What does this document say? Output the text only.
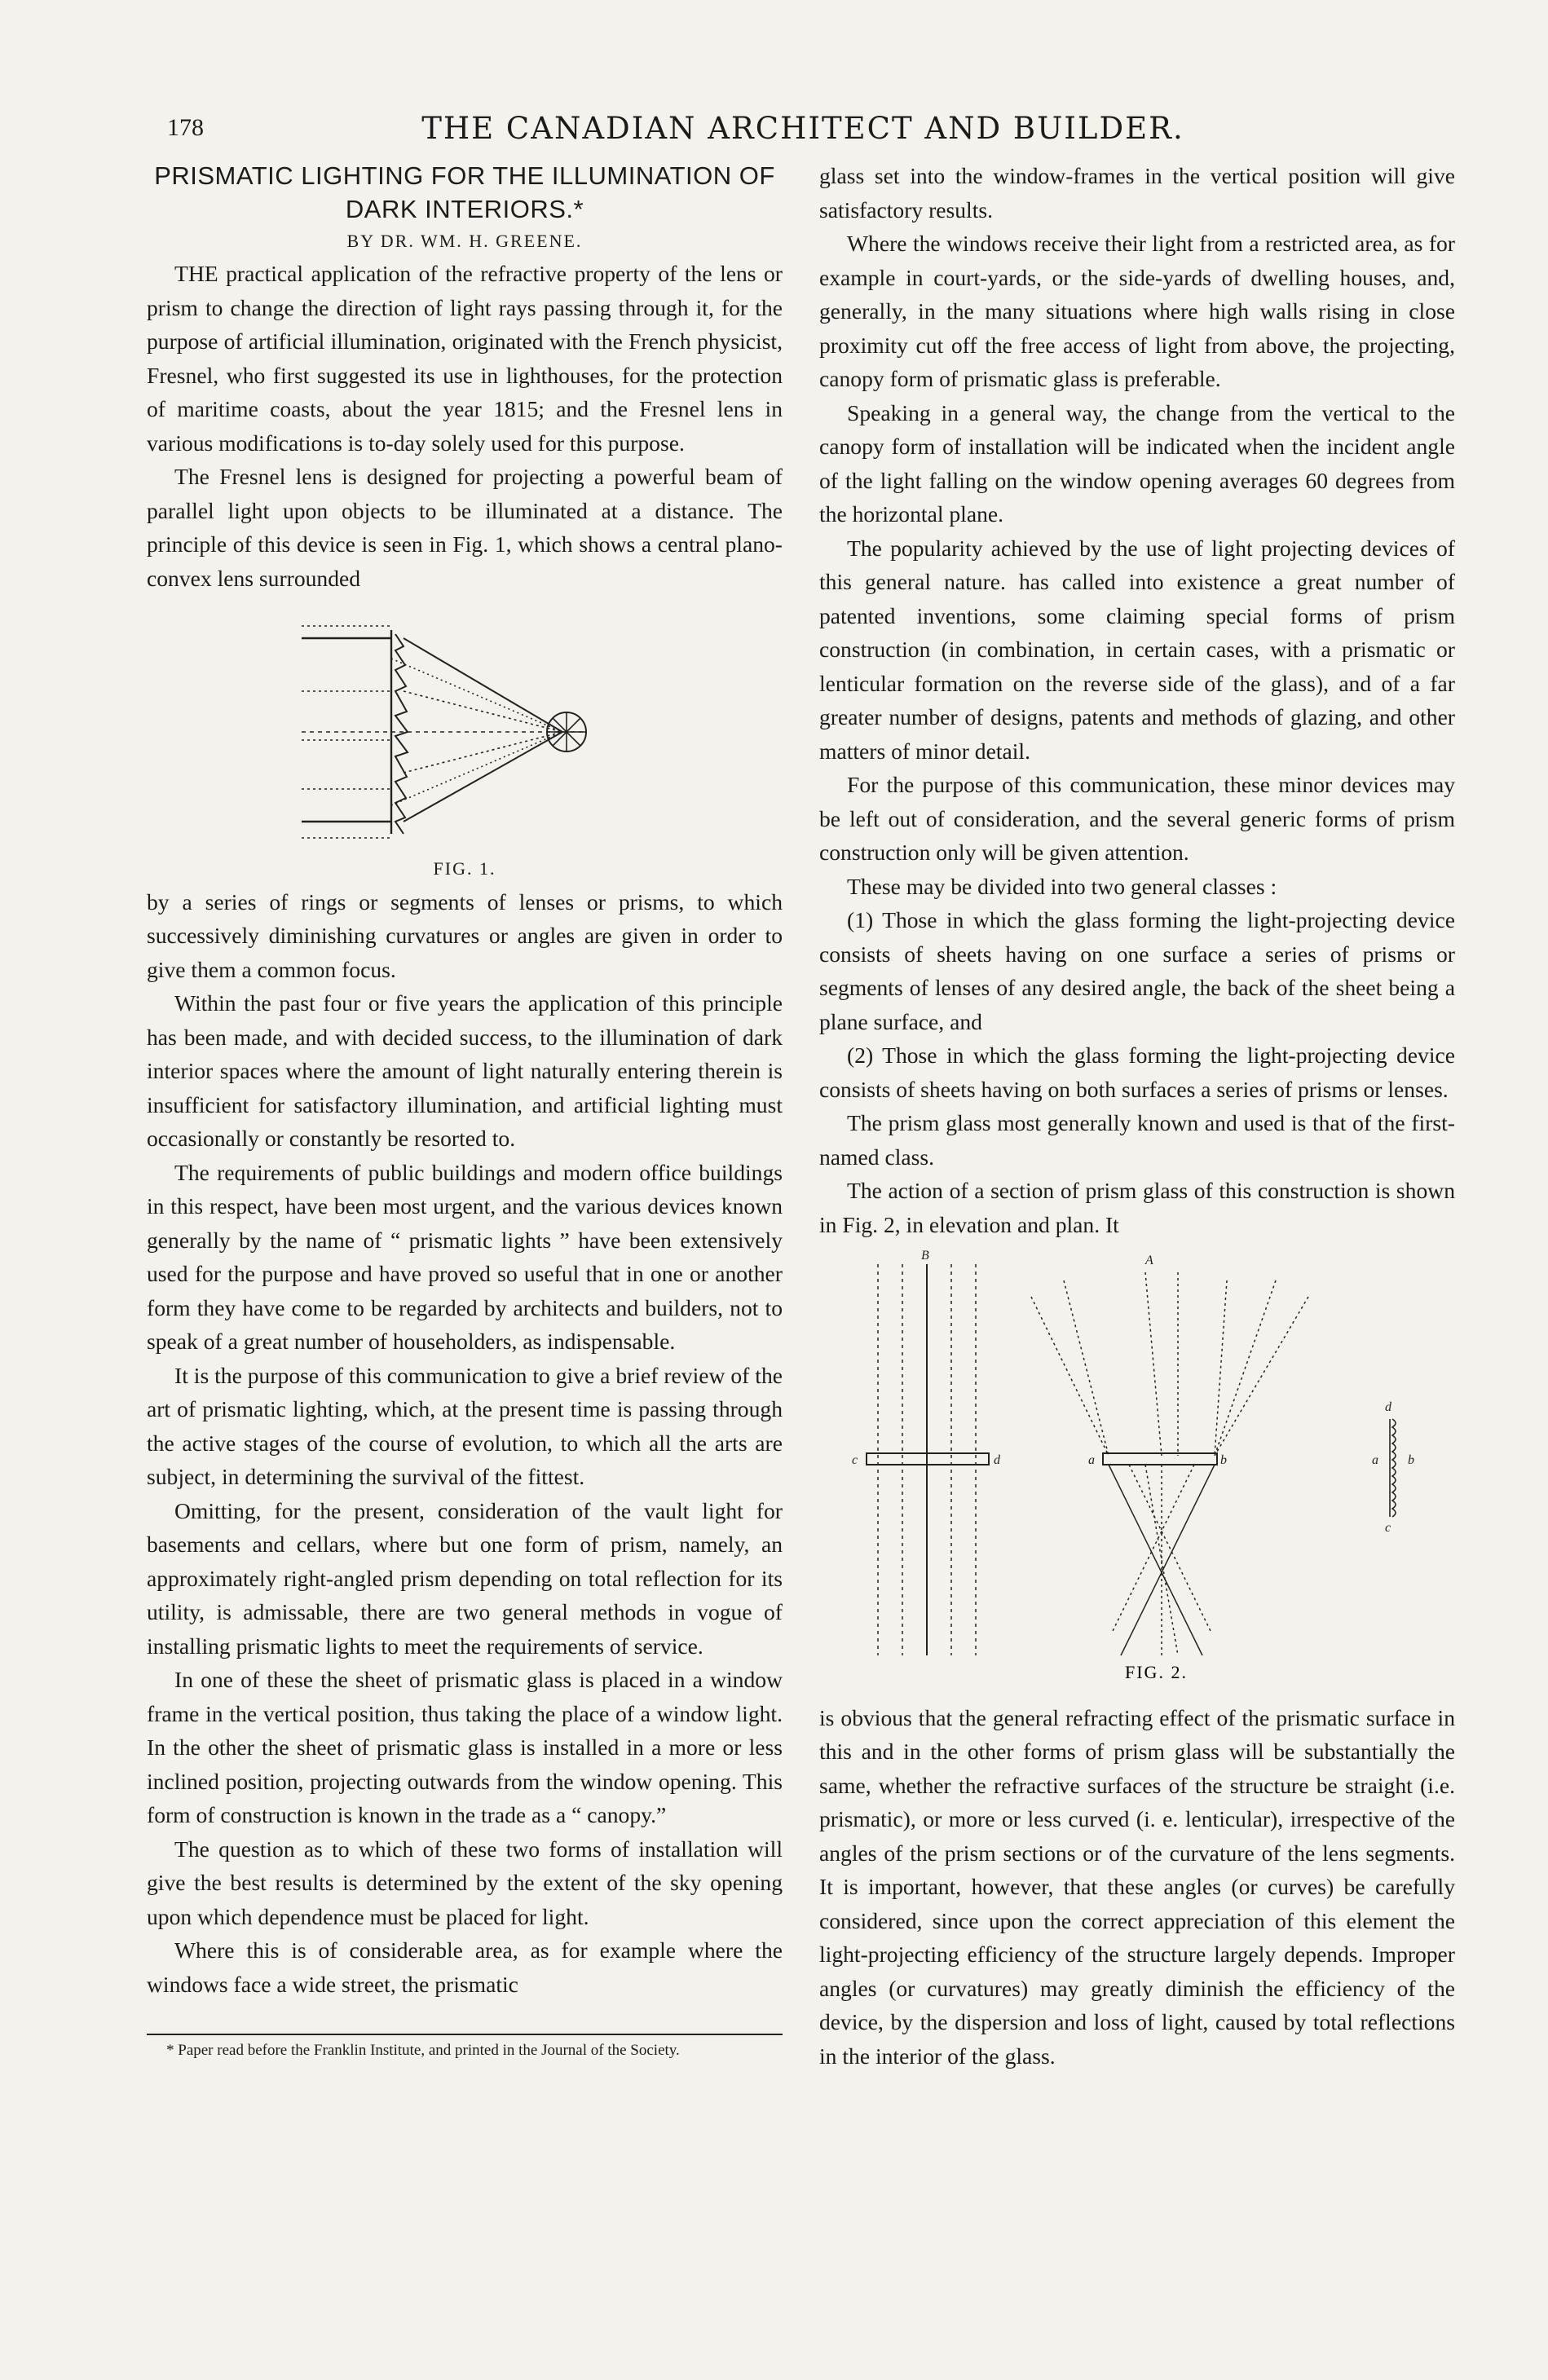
178	THE CANADIAN ARCHITECT AND BUILDER.
PRISMATIC LIGHTING FOR THE ILLUMINATION OF DARK INTERIORS.*
BY DR. WM. H. GREENE.

THE practical application of the refractive property of the lens or prism to change the direction of light rays passing through it, for the purpose of artificial illumination, originated with the French physicist, Fresnel, who first suggested its use in lighthouses, for the protection of maritime coasts, about the year 1815; and the Fresnel lens in various modifications is to-day solely used for this purpose.

The Fresnel lens is designed for projecting a powerful beam of parallel light upon objects to be illuminated at a distance. The principle of this device is seen in Fig. 1, which shows a central plano-convex lens surrounded

FIG. 1.

by a series of rings or segments of lenses or prisms, to which successively diminishing curvatures or angles are given in order to give them a common focus.

Within the past four or five years the application of this principle has been made, and with decided success, to the illumination of dark interior spaces where the amount of light naturally entering therein is insufficient for satisfactory illumination, and artificial lighting must occasionally or constantly be resorted to.

The requirements of public buildings and modern office buildings in this respect, have been most urgent, and the various devices known generally by the name of “ prismatic lights ” have been extensively used for the purpose and have proved so useful that in one or another form they have come to be regarded by architects and builders, not to speak of a great number of householders, as indispensable.

It is the purpose of this communication to give a brief review of the art of prismatic lighting, which, at the present time is passing through the active stages of the course of evolution, to which all the arts are subject, in determining the survival of the fittest.

Omitting, for the present, consideration of the vault light for basements and cellars, where but one form of prism, namely, an approximately right-angled prism depending on total reflection for its utility, is admissable, there are two general methods in vogue of installing prismatic lights to meet the requirements of service.

In one of these the sheet of prismatic glass is placed in a window frame in the vertical position, thus taking the place of a window light. In the other the sheet of prismatic glass is installed in a more or less inclined position, projecting outwards from the window opening. This form of construction is known in the trade as a “ canopy.”

The question as to which of these two forms of installation will give the best results is determined by the extent of the sky opening upon which dependence must be placed for light.

Where this is of considerable area, as for example where the windows face a wide street, the prismatic

* Paper read before the Franklin Institute, and printed in the Journal of the Society.

glass set into the window-frames in the vertical position will give satisfactory results.

Where the windows receive their light from a restricted area, as for example in court-yards, or the side-yards of dwelling houses, and, generally, in the many situations where high walls rising in close proximity cut off the free access of light from above, the projecting, canopy form of prismatic glass is preferable.

Speaking in a general way, the change from the vertical to the canopy form of installation will be indicated when the incident angle of the light falling on the window opening averages 60 degrees from the horizontal plane.

The popularity achieved by the use of light projecting devices of this general nature. has called into existence a great number of patented inventions, some claiming special forms of prism construction (in combination, in certain cases, with a prismatic or lenticular formation on the reverse side of the glass), and of a far greater number of designs, patents and methods of glazing, and other matters of minor detail.

For the purpose of this communication, these minor devices may be left out of consideration, and the several generic forms of prism construction only will be given attention.

These may be divided into two general classes :

(1) Those in which the glass forming the light-projecting device consists of sheets having on one surface a series of prisms or segments of lenses of any desired angle, the back of the sheet being a plane surface, and

(2) Those in which the glass forming the light-projecting device consists of sheets having on both surfaces a series of prisms or lenses.

The prism glass most generally known and used is that of the first-named class.

The action of a section of prism glass of this construction is shown in Fig. 2, in elevation and plan. It

B	A
c	d	a	b
d
a b
c
FIG. 2.

is obvious that the general refracting effect of the prismatic surface in this and in the other forms of prism glass will be substantially the same, whether the refractive surfaces of the structure be straight (i.e. prismatic), or more or less curved (i. e. lenticular), irrespective of the angles of the prism sections or of the curvature of the lens segments. It is important, however, that these angles (or curves) be carefully considered, since upon the correct appreciation of this element the light-projecting efficiency of the structure largely depends. Improper angles (or curvatures) may greatly diminish the efficiency of the device, by the dispersion and loss of light, caused by total reflections in the interior of the glass.
